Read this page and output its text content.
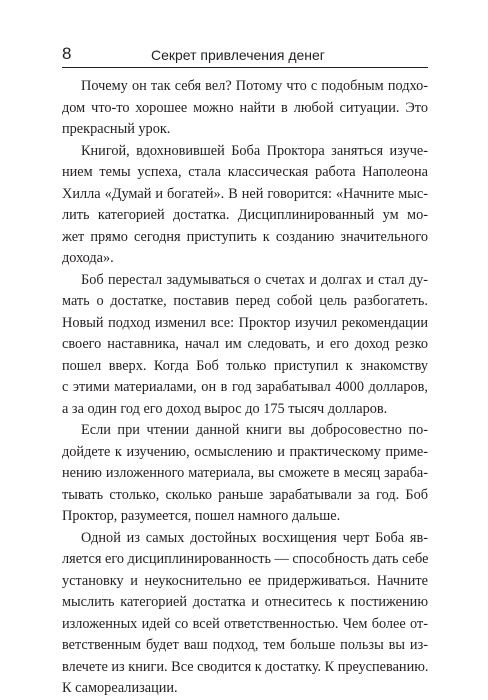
8	Секрет привлечения денег

Почему он так себя вел? Потому что с подобным подхо-
дом что-то хорошее можно найти в любой ситуации. Это
прекрасный урок.

Книгой, вдохновившей Боба Проктора заняться изуче-
нием темы успеха, стала классическая работа Наполеона
Хилла «Думай и богатей». В ней говорится: «Начните мыс-
лить категорией достатка. Дисциплинированный ум мо-
жет прямо сегодня приступить к созданию значительного
дохода».

Боб перестал задумываться о счетах и долгах и стал ду-
мать о достатке, поставив перед собой цель разбогатеть.
Новый подход изменил все: Проктор изучил рекомендации
своего наставника, начал им следовать, и его доход резко
пошел вверх. Когда Боб только приступил к знакомству
с этими материалами, он в год зарабатывал 4000 долларов,
а за один год его доход вырос до 175 тысяч долларов.

Если при чтении данной книги вы добросовестно по-
дойдете к изучению, осмыслению и практическому приме-
нению изложенного материала, вы сможете в месяц зараба-
тывать столько, сколько раньше зарабатывали за год. Боб
Проктор, разумеется, пошел намного дальше.

Одной из самых достойных восхищения черт Боба яв-
ляется его дисциплинированность — способность дать себе
установку и неукоснительно ее придерживаться. Начните
мыслить категорией достатка и отнеситесь к постижению
изложенных идей со всей ответственностью. Чем более от-
ветственным будет ваш подход, тем больше пользы вы из-
влечете из книги. Все сводится к достатку. К преуспеванию.
К самореализации.
